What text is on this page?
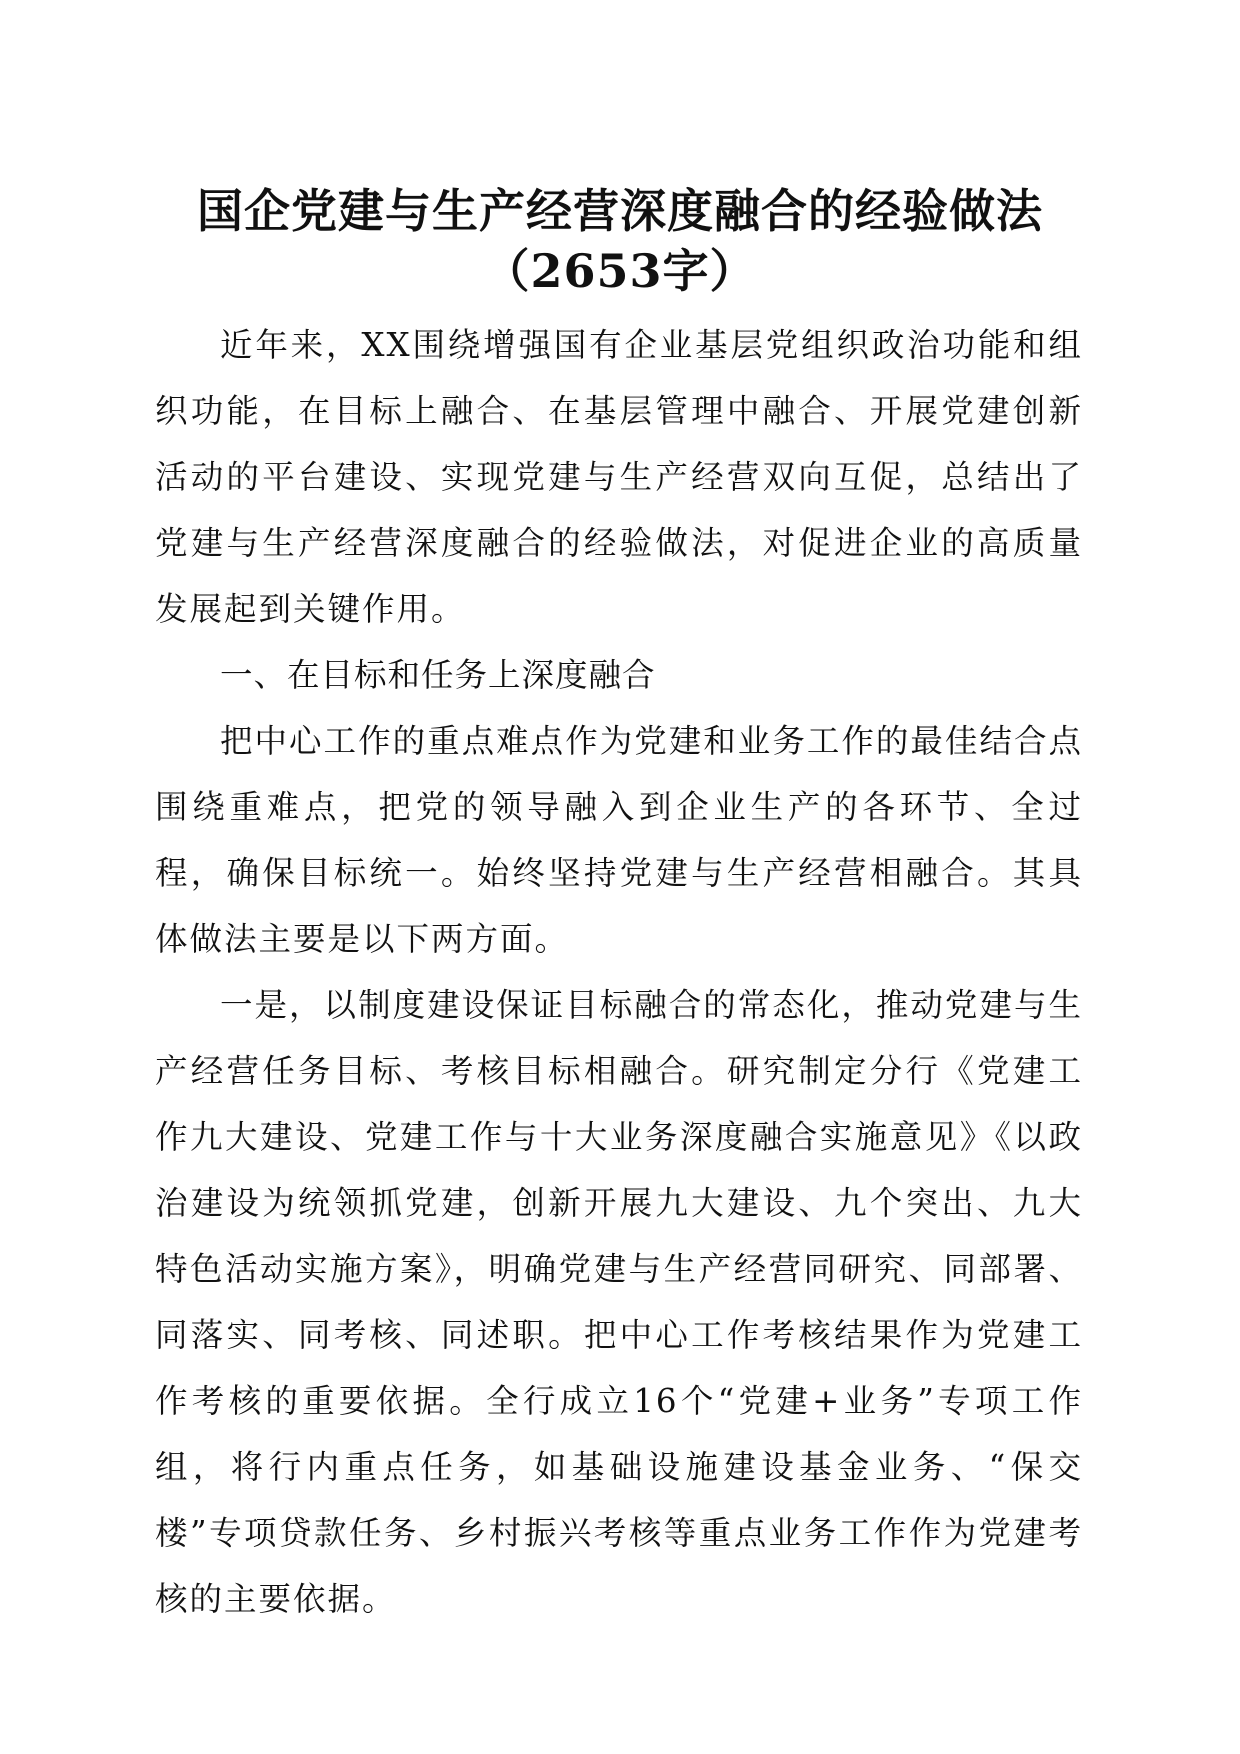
国企党建与生产经营深度融合的经验做法
（2653字）

近年来，XX围绕增强国有企业基层党组织政治功能和组织功能，在目标上融合、在基层管理中融合、开展党建创新活动的平台建设、实现党建与生产经营双向互促，总结出了党建与生产经营深度融合的经验做法，对促进企业的高质量发展起到关键作用。

一、在目标和任务上深度融合

把中心工作的重点难点作为党建和业务工作的最佳结合点围绕重难点，把党的领导融入到企业生产的各环节、全过程，确保目标统一。始终坚持党建与生产经营相融合。其具体做法主要是以下两方面。

一是，以制度建设保证目标融合的常态化，推动党建与生产经营任务目标、考核目标相融合。研究制定分行《党建工作九大建设、党建工作与十大业务深度融合实施意见》《以政治建设为统领抓党建，创新开展九大建设、九个突出、九大特色活动实施方案》，明确党建与生产经营同研究、同部署、同落实、同考核、同述职。把中心工作考核结果作为党建工作考核的重要依据。全行成立16个“党建+业务”专项工作组，将行内重点任务，如基础设施建设基金业务、“保交楼”专项贷款任务、乡村振兴考核等重点业务工作作为党建考核的主要依据。
